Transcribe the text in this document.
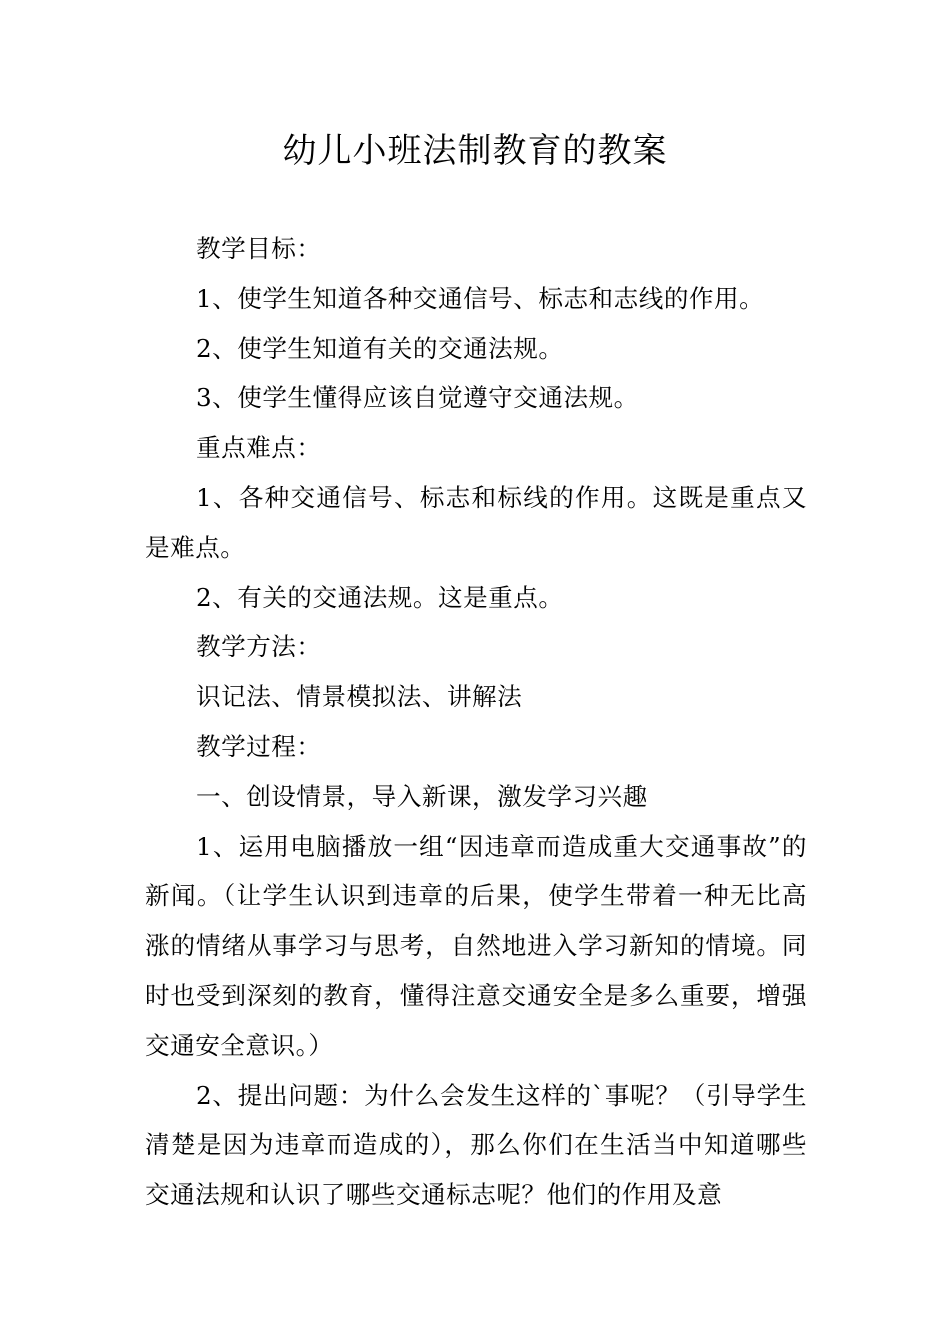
幼儿小班法制教育的教案

教学目标：

1、使学生知道各种交通信号、标志和志线的作用。

2、使学生知道有关的交通法规。

3、使学生懂得应该自觉遵守交通法规。

重点难点：

1、各种交通信号、标志和标线的作用。这既是重点又是难点。

2、有关的交通法规。这是重点。

教学方法：

识记法、情景模拟法、讲解法

教学过程：

一、创设情景，导入新课，激发学习兴趣

1、运用电脑播放一组“因违章而造成重大交通事故”的新闻。（让学生认识到违章的后果，使学生带着一种无比高涨的情绪从事学习与思考，自然地进入学习新知的情境。同时也受到深刻的教育，懂得注意交通安全是多么重要，增强交通安全意识。）

2、提出问题：为什么会发生这样的`事呢？（引导学生清楚是因为违章而造成的），那么你们在生活当中知道哪些交通法规和认识了哪些交通标志呢？他们的作用及意
